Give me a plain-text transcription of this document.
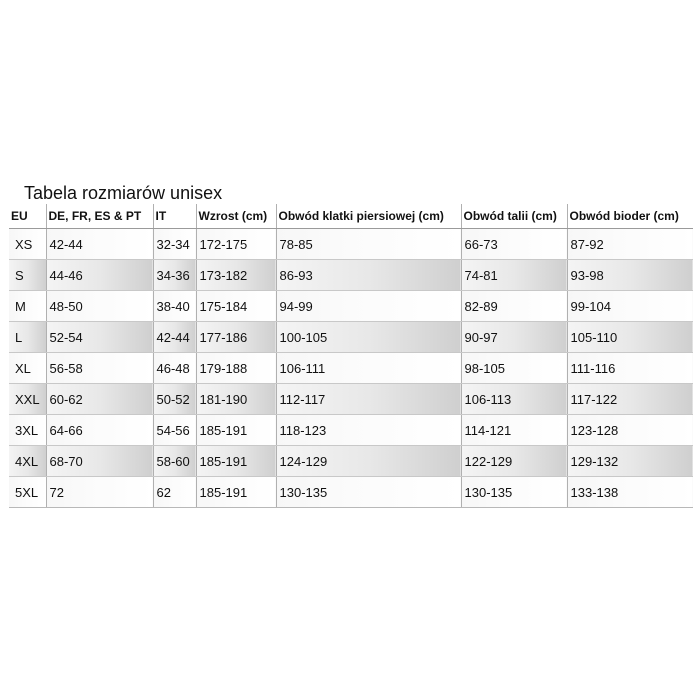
Tabela rozmiarów unisex
EU	DE, FR, ES & PT	IT	Wzrost (cm)	Obwód klatki piersiowej (cm)	Obwód talii (cm)	Obwód bioder (cm)
XS	42-44	32-34	172-175	78-85	66-73	87-92
S	44-46	34-36	173-182	86-93	74-81	93-98
M	48-50	38-40	175-184	94-99	82-89	99-104
L	52-54	42-44	177-186	100-105	90-97	105-110
XL	56-58	46-48	179-188	106-111	98-105	111-116
XXL	60-62	50-52	181-190	112-117	106-113	117-122
3XL	64-66	54-56	185-191	118-123	114-121	123-128
4XL	68-70	58-60	185-191	124-129	122-129	129-132
5XL	72	62	185-191	130-135	130-135	133-138
